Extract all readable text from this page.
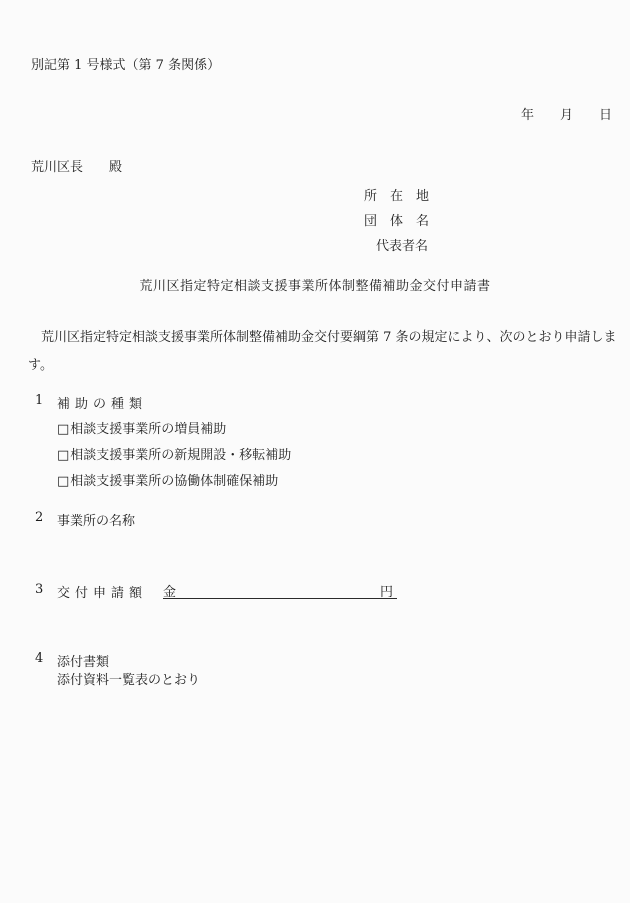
別記第 1 号様式（第 7 条関係）
年　　月　　日
荒川区長　　殿
所　在　地
団　体　名
代表者名
荒川区指定特定相談支援事業所体制整備補助金交付申請書
荒川区指定特定相談支援事業所体制整備補助金交付要綱第 7 条の規定により、次のとおり申請します。
1 補助の種類
□相談支援事業所の増員補助
□相談支援事業所の新規開設・移転補助
□相談支援事業所の協働体制確保補助
2 事業所の名称
3 交付申請額 金	円
4 添付書類
添付資料一覧表のとおり
